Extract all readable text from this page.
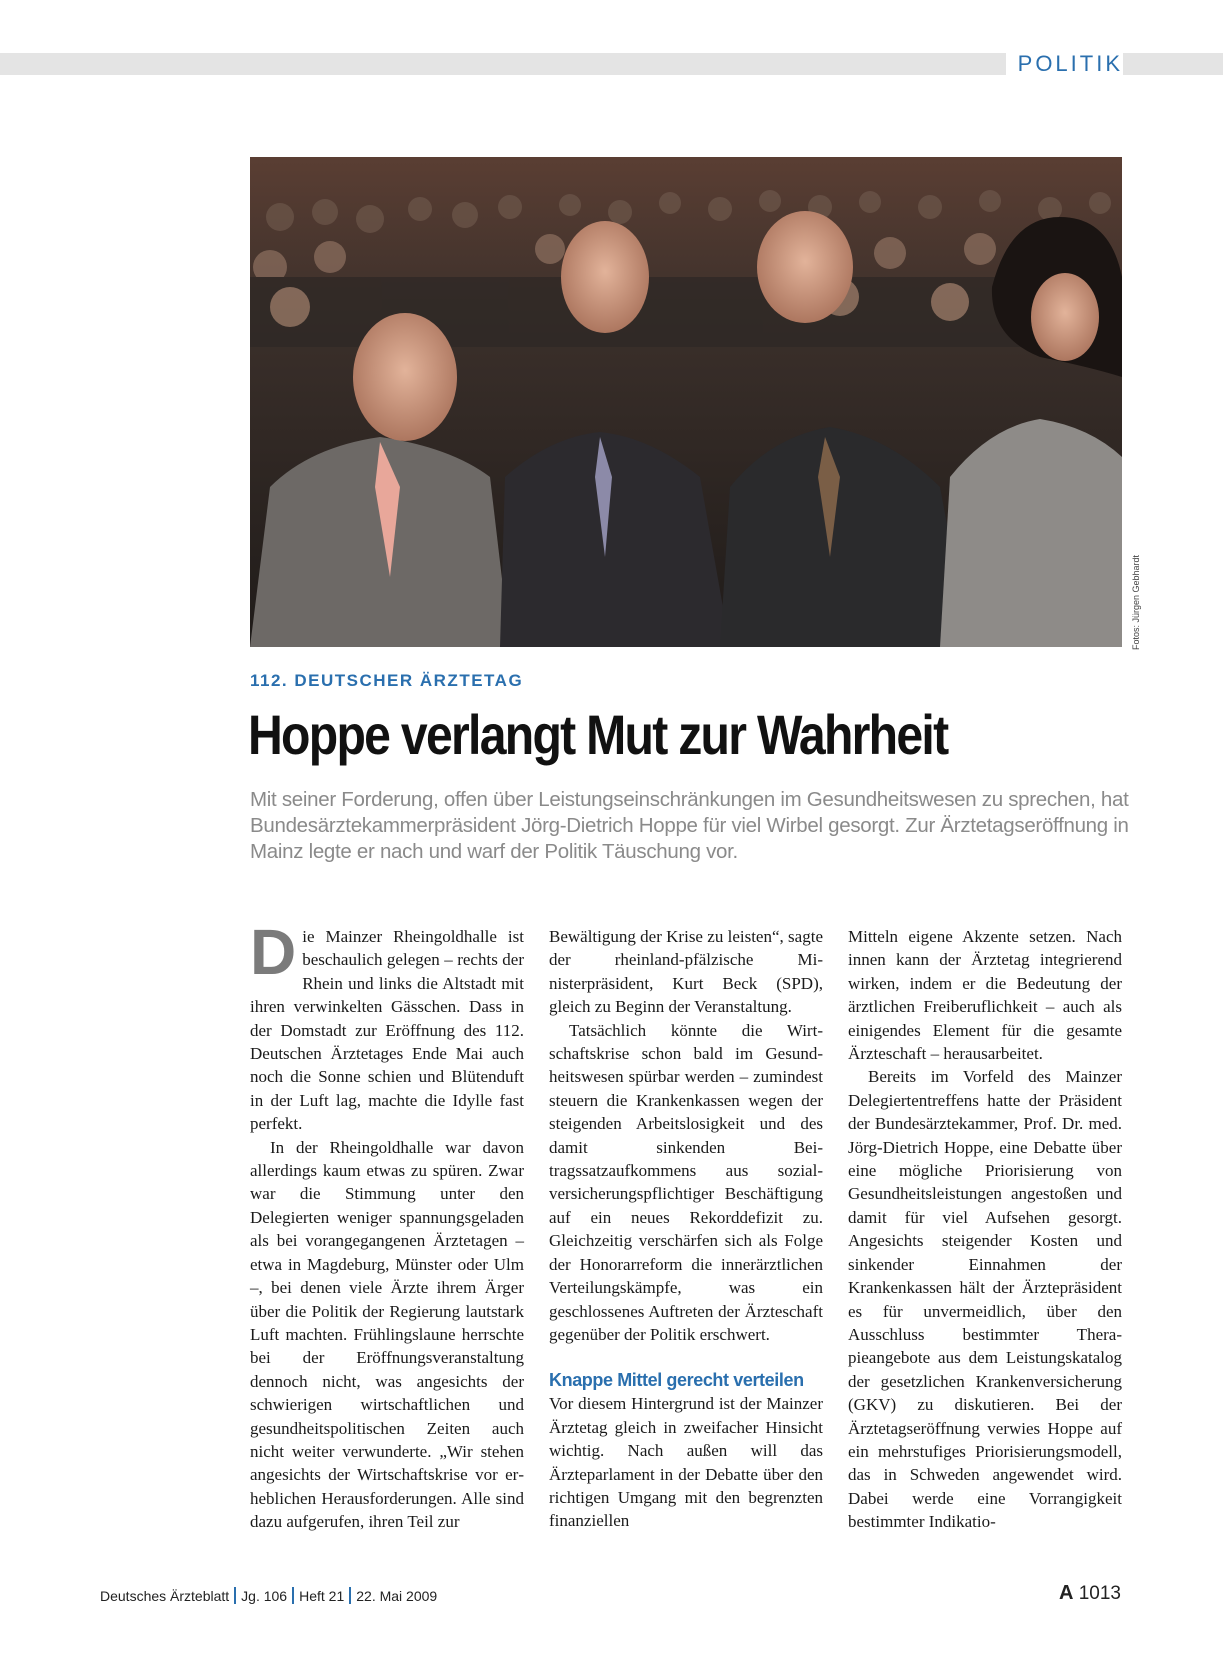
POLITIK
Fotos: Jürgen Gebhardt
112. DEUTSCHER ÄRZTETAG
Hoppe verlangt Mut zur Wahrheit

Mit seiner Forderung, offen über Leistungseinschränkungen im Gesundheitswesen zu sprechen, hat Bundesärztekammerpräsident Jörg-Dietrich Hoppe für viel Wirbel gesorgt. Zur Ärztetagseröffnung in Mainz legte er nach und warf der Politik Täuschung vor.

Die Mainzer Rheingoldhalle ist beschaulich gelegen – rechts der Rhein und links die Altstadt mit ihren verwinkelten Gässchen. Dass in der Domstadt zur Eröffnung des 112. Deutschen Ärztetages Ende Mai auch noch die Sonne schien und Blütenduft in der Luft lag, machte die Idylle fast perfekt.

In der Rheingoldhalle war davon allerdings kaum etwas zu spüren. Zwar war die Stimmung unter den Delegierten weniger spannungsgeladen als bei vorangegangenen Ärztetagen – etwa in Magdeburg, Münster oder Ulm –, bei denen viele Ärzte ihrem Ärger über die Politik der Regierung lautstark Luft machten. Frühlingslaune herrschte bei der Eröffnungsveranstaltung dennoch nicht, was angesichts der schwierigen wirtschaftlichen und gesundheitspolitischen Zeiten auch nicht weiter verwunderte. „Wir stehen angesichts der Wirtschaftskrise vor erheblichen Herausforderungen. Alle sind dazu aufgerufen, ihren Teil zur

Bewältigung der Krise zu leisten“, sagte der rheinland-pfälzische Ministerpräsident, Kurt Beck (SPD), gleich zu Beginn der Veranstaltung.

Tatsächlich könnte die Wirtschaftskrise schon bald im Gesundheitswesen spürbar werden – zumindest steuern die Krankenkassen wegen der steigenden Arbeitslosigkeit und des damit sinkenden Beitragssatzaufkommens aus sozialversicherungspflichtiger Beschäftigung auf ein neues Rekorddefizit zu. Gleichzeitig verschärfen sich als Folge der Honorarreform die innerärztlichen Verteilungskämpfe, was ein geschlossenes Auftreten der Ärzteschaft gegenüber der Politik erschwert.

Knappe Mittel gerecht verteilen

Vor diesem Hintergrund ist der Mainzer Ärztetag gleich in zweifacher Hinsicht wichtig. Nach außen will das Ärzteparlament in der Debatte über den richtigen Umgang mit den begrenzten finanziellen

Mitteln eigene Akzente setzen. Nach innen kann der Ärztetag integrierend wirken, indem er die Bedeutung der ärztlichen Freiberuflichkeit – auch als einigendes Element für die gesamte Ärzteschaft – herausarbeitet.

Bereits im Vorfeld des Mainzer Delegiertentreffens hatte der Präsident der Bundesärztekammer, Prof. Dr. med. Jörg-Dietrich Hoppe, eine Debatte über eine mögliche Priorisierung von Gesundheitsleistungen angestoßen und damit für viel Aufsehen gesorgt. Angesichts steigender Kosten und sinkender Einnahmen der Krankenkassen hält der Ärztepräsident es für unvermeidlich, über den Ausschluss bestimmter Therapieangebote aus dem Leistungskatalog der gesetzlichen Krankenversicherung (GKV) zu diskutieren. Bei der Ärztetagseröffnung verwies Hoppe auf ein mehrstufiges Priorisierungsmodell, das in Schweden angewendet wird. Dabei werde eine Vorrangigkeit bestimmter Indikatio-

Deutsches Ärzteblatt Jg. 106 Heft 21 22. Mai 2009	A 1013
